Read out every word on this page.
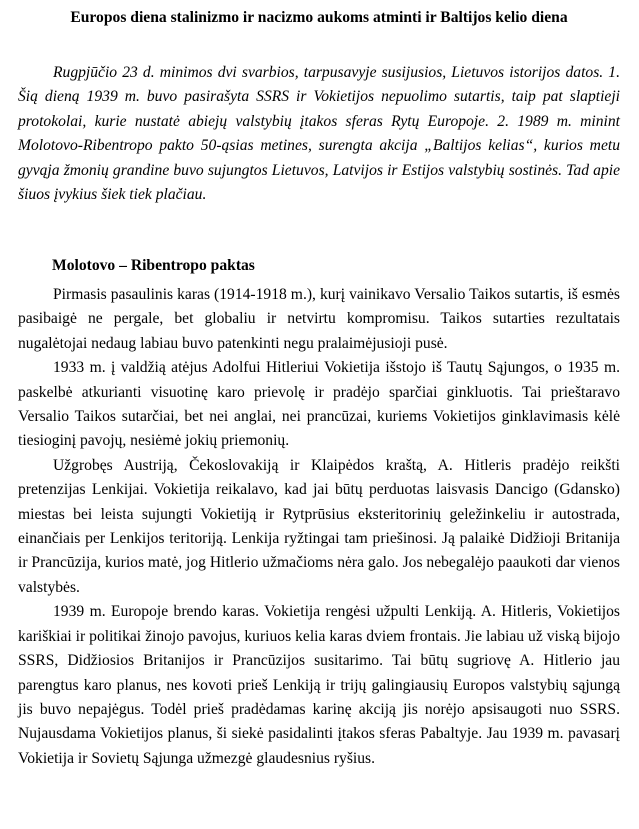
Europos diena stalinizmo ir nacizmo aukoms atminti ir Baltijos kelio diena

Rugpjūčio 23 d. minimos dvi svarbios, tarpusavyje susijusios, Lietuvos istorijos datos. 1. Šią dieną 1939 m. buvo pasirašyta SSRS ir Vokietijos nepuolimo sutartis, taip pat slaptieji protokolai, kurie nustatė abiejų valstybių įtakos sferas Rytų Europoje. 2. 1989 m. minint Molotovo-Ribentropo pakto 50-ąsias metines, surengta akcija „Baltijos kelias“, kurios metu gyvąja žmonių grandine buvo sujungtos Lietuvos, Latvijos ir Estijos valstybių sostinės. Tad apie šiuos įvykius šiek tiek plačiau.

Molotovo – Ribentropo paktas

Pirmasis pasaulinis karas (1914-1918 m.), kurį vainikavo Versalio Taikos sutartis, iš esmės pasibaigė ne pergale, bet globaliu ir netvirtu kompromisu. Taikos sutarties rezultatais nugalėtojai nedaug labiau buvo patenkinti negu pralaimėjusioji pusė.

1933 m. į valdžią atėjus Adolfui Hitleriui Vokietija išstojo iš Tautų Sąjungos, o 1935 m. paskelbė atkurianti visuotinę karo prievolę ir pradėjo sparčiai ginkluotis. Tai prieštaravo Versalio Taikos sutarčiai, bet nei anglai, nei prancūzai, kuriems Vokietijos ginklavimasis kėlė tiesioginį pavojų, nesiėmė jokių priemonių.

Užgrobęs Austriją, Čekoslovakiją ir Klaipėdos kraštą, A. Hitleris pradėjo reikšti pretenzijas Lenkijai. Vokietija reikalavo, kad jai būtų perduotas laisvasis Dancigo (Gdansko) miestas bei leista sujungti Vokietiją ir Rytprūsius eksteritorinių geležinkeliu ir autostrada, einančiais per Lenkijos teritoriją. Lenkija ryžtingai tam priešinosi. Ją palaikė Didžioji Britanija ir Prancūzija, kurios matė, jog Hitlerio užmačioms nėra galo. Jos nebegalėjo paaukoti dar vienos valstybės.

1939 m. Europoje brendo karas. Vokietija rengėsi užpulti Lenkiją. A. Hitleris, Vokietijos kariškiai ir politikai žinojo pavojus, kuriuos kelia karas dviem frontais. Jie labiau už viską bijojo SSRS, Didžiosios Britanijos ir Prancūzijos susitarimo. Tai būtų sugriovę A. Hitlerio jau parengtus karo planus, nes kovoti prieš Lenkiją ir trijų galingiausių Europos valstybių sąjungą jis buvo nepajėgus. Todėl prieš pradėdamas karinę akciją jis norėjo apsisaugoti nuo SSRS. Nujausdama Vokietijos planus, ši siekė pasidalinti įtakos sferas Pabaltyje. Jau 1939 m. pavasarį Vokietija ir Sovietų Sąjunga užmezgė glaudesnius ryšius.
